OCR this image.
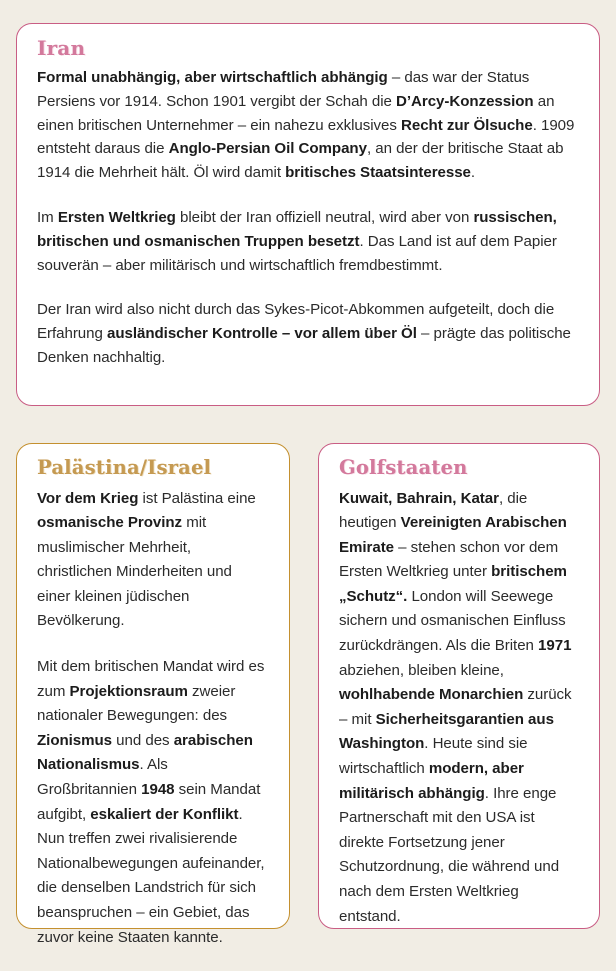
Iran

Formal unabhängig, aber wirtschaftlich abhängig – das war der Status Persiens vor 1914. Schon 1901 vergibt der Schah die D’Arcy-Konzession an einen britischen Unternehmer – ein nahezu exklusives Recht zur Ölsuche. 1909 entsteht daraus die Anglo-Persian Oil Company, an der der britische Staat ab 1914 die Mehrheit hält. Öl wird damit britisches Staatsinteresse.

Im Ersten Weltkrieg bleibt der Iran offiziell neutral, wird aber von russischen, britischen und osmanischen Truppen besetzt. Das Land ist auf dem Papier souverän – aber militärisch und wirtschaftlich fremdbestimmt.

Der Iran wird also nicht durch das Sykes-Picot-Abkommen aufgeteilt, doch die Erfahrung ausländischer Kontrolle – vor allem über Öl – prägte das politische Denken nachhaltig.

Palästina/Israel

Vor dem Krieg ist Palästina eine osmanische Provinz mit muslimischer Mehrheit, christlichen Minderheiten und einer kleinen jüdischen Bevölkerung.

Mit dem britischen Mandat wird es zum Projektionsraum zweier nationaler Bewegungen: des Zionismus und des arabischen Nationalismus. Als Großbritannien 1948 sein Mandat aufgibt, eskaliert der Konflikt. Nun treffen zwei rivalisierende Nationalbewegungen aufeinander, die denselben Landstrich für sich beanspruchen – ein Gebiet, das zuvor keine Staaten kannte.

Golfstaaten

Kuwait, Bahrain, Katar, die heutigen Vereinigten Arabischen Emirate – stehen schon vor dem Ersten Weltkrieg unter britischem „Schutz“. London will Seewege sichern und osmanischen Einfluss zurückdrängen. Als die Briten 1971 abziehen, bleiben kleine, wohlhabende Monarchien zurück – mit Sicherheitsgarantien aus Washington. Heute sind sie wirtschaftlich modern, aber militärisch abhängig. Ihre enge Partnerschaft mit den USA ist direkte Fortsetzung jener Schutzordnung, die während und nach dem Ersten Weltkrieg entstand.
